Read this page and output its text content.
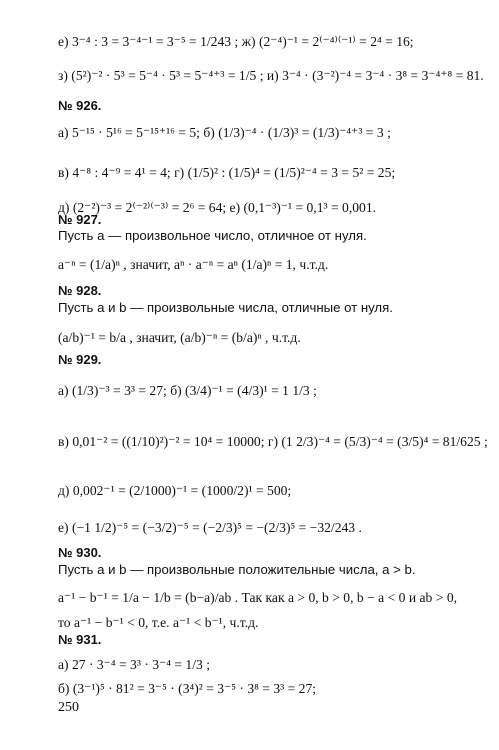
е) 3⁻⁴ : 3 = 3⁻⁴⁻¹ = 3⁻⁵ = 1/243 ; ж) (2⁻⁴)⁻¹ = 2⁽⁻⁴⁾⁽⁻¹⁾ = 2⁴ = 16;
з) (5²)⁻² · 5³ = 5⁻⁴ · 5³ = 5⁻⁴⁺³ = 1/5 ; и) 3⁻⁴ · (3⁻²)⁻⁴ = 3⁻⁴ · 3⁸ = 3⁻⁴⁺⁸ = 81.
№ 926.
а) 5⁻¹⁵ · 5¹⁶ = 5⁻¹⁵⁺¹⁶ = 5; б) (1/3)⁻⁴ · (1/3)³ = (1/3)⁻⁴⁺³ = 3 ;
в) 4⁻⁸ : 4⁻⁹ = 4¹ = 4; г) (1/5)² : (1/5)⁴ = (1/5)²⁻⁴ = 3 = 5² = 25;
д) (2⁻²)⁻³ = 2⁽⁻²⁾⁽⁻³⁾ = 2⁶ = 64; е) (0,1⁻³)⁻¹ = 0,1³ = 0,001.
№ 927.
Пусть a — произвольное число, отличное от нуля.
a⁻ⁿ = (1/a)ⁿ , значит, aⁿ · a⁻ⁿ = aⁿ (1/a)ⁿ = 1, ч.т.д.
№ 928.
Пусть a и b — произвольные числа, отличные от нуля.
(a/b)⁻¹ = b/a , значит, (a/b)⁻ⁿ = (b/a)ⁿ , ч.т.д.
№ 929.
а) (1/3)⁻³ = 3³ = 27; б) (3/4)⁻¹ = (4/3)¹ = 1 1/3 ;
в) 0,01⁻² = ((1/10)²)⁻² = 10⁴ = 10000; г) (1 2/3)⁻⁴ = (5/3)⁻⁴ = (3/5)⁴ = 81/625 ;
д) 0,002⁻¹ = (2/1000)⁻¹ = (1000/2)¹ = 500;
е) (−1 1/2)⁻⁵ = (−3/2)⁻⁵ = (−2/3)⁵ = −(2/3)⁵ = −32/243 .
№ 930.
Пусть a и b — произвольные положительные числа, a > b.
a⁻¹ − b⁻¹ = 1/a − 1/b = (b−a)/ab . Так как a > 0, b > 0, b − a < 0 и ab > 0,
то a⁻¹ − b⁻¹ < 0, т.е. a⁻¹ < b⁻¹, ч.т.д.
№ 931.
а) 27 · 3⁻⁴ = 3³ · 3⁻⁴ = 1/3 ;
б) (3⁻¹)⁵ · 81² = 3⁻⁵ · (3⁴)² = 3⁻⁵ · 3⁸ = 3³ = 27;
250
